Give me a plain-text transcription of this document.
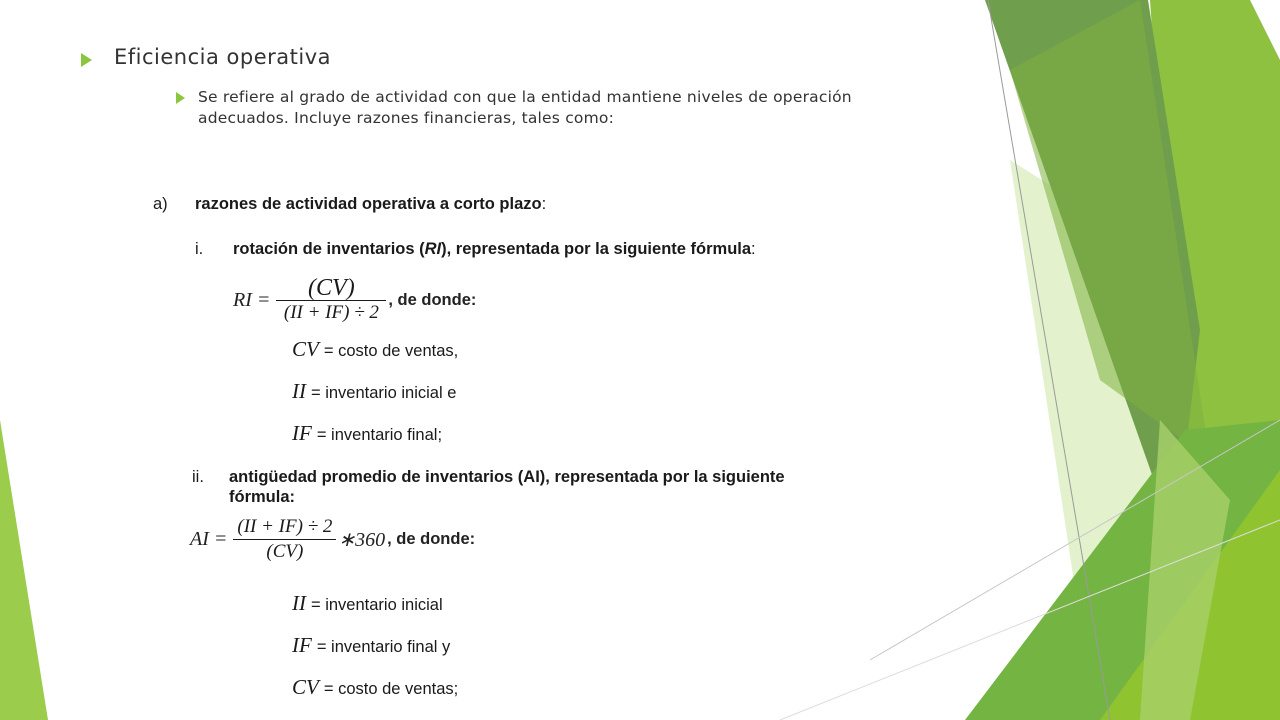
Eficiencia operativa
Se refiere al grado de actividad con que la entidad mantiene niveles de operación adecuados. Incluye razones financieras, tales como:
a) razones de actividad operativa a corto plazo:
i. rotación de inventarios (RI), representada por la siguiente fórmula:
RI = $\frac{(CV)}{(II + IF) \div 2}$ , de donde:
CV = costo de ventas,
II = inventario inicial e
IF = inventario final;
ii. antigüedad promedio de inventarios (AI), representada por la siguiente
fórmula:
AI = $\frac{(II + IF) \div 2}{(CV)}$ ∗360 , de donde:
II = inventario inicial
IF = inventario final y
CV = costo de ventas;
